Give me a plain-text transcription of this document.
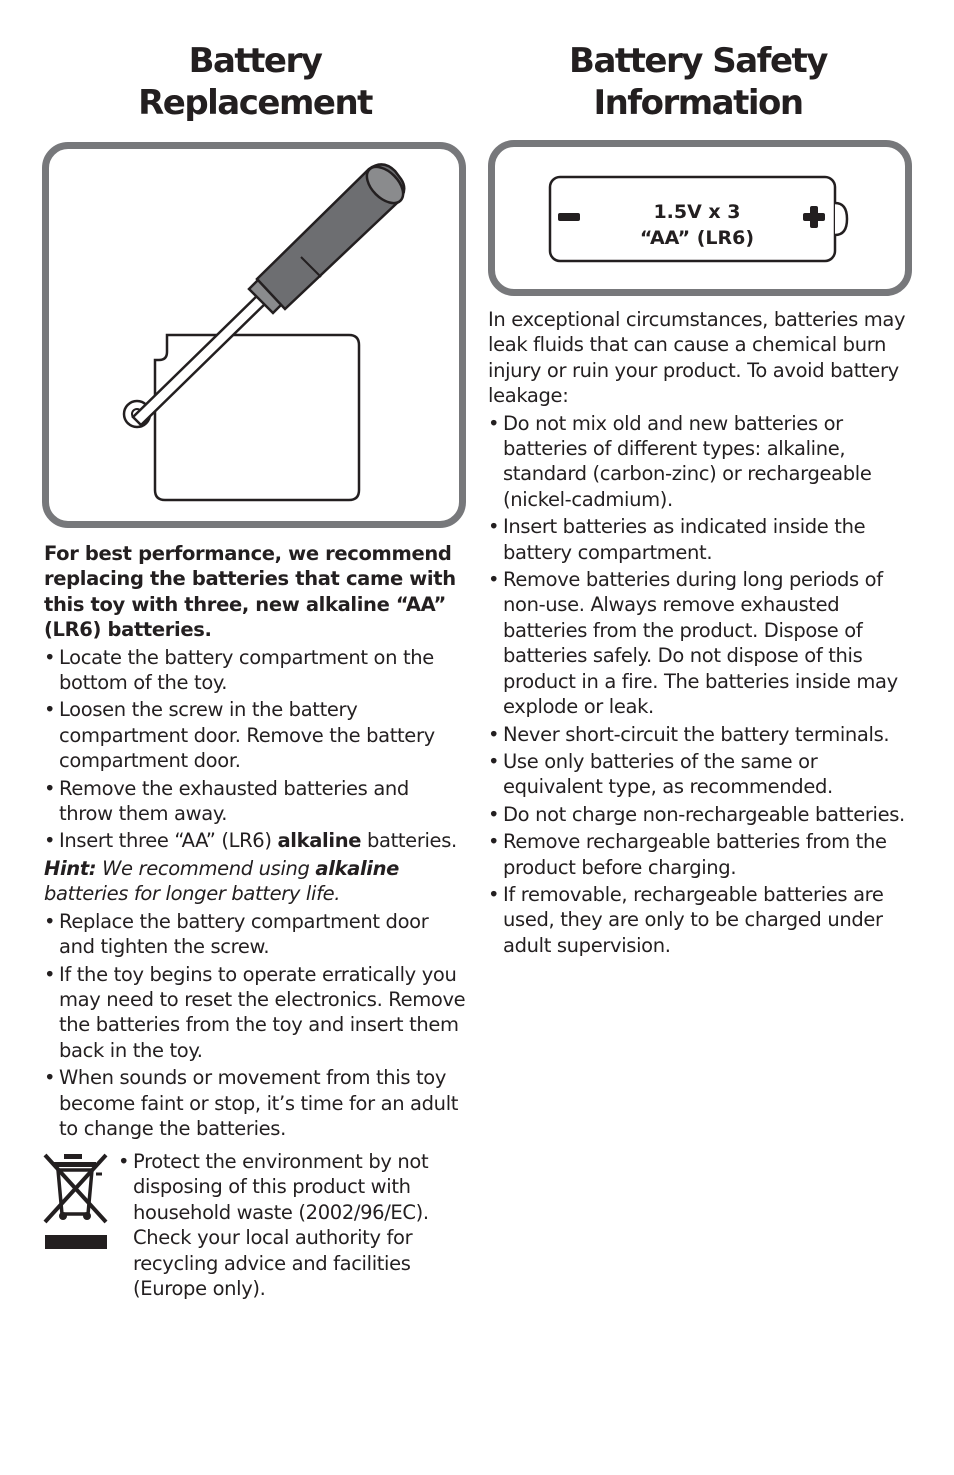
Battery
Replacement
Battery Safety
Information
1.5V x 3
“AA” (LR6)

For best performance, we recommend replacing the batteries that came with this toy with three, new alkaline “AA” (LR6) batteries.

• Locate the battery compartment on the bottom of the toy.
• Loosen the screw in the battery compartment door. Remove the battery compartment door.
• Remove the exhausted batteries and throw them away.
• Insert three “AA” (LR6) alkaline batteries.

Hint: We recommend using alkaline batteries for longer battery life.

• Replace the battery compartment door and tighten the screw.
• If the toy begins to operate erratically you may need to reset the electronics. Remove the batteries from the toy and insert them back in the toy.
• When sounds or movement from this toy become faint or stop, it’s time for an adult to change the batteries.
• Protect the environment by not disposing of this product with household waste (2002/96/EC). Check your local authority for recycling advice and facilities (Europe only).

In exceptional circumstances, batteries may leak fluids that can cause a chemical burn injury or ruin your product. To avoid battery leakage:

• Do not mix old and new batteries or batteries of different types: alkaline, standard (carbon-zinc) or rechargeable (nickel-cadmium).
• Insert batteries as indicated inside the battery compartment.
• Remove batteries during long periods of non-use. Always remove exhausted batteries from the product. Dispose of batteries safely. Do not dispose of this product in a fire. The batteries inside may explode or leak.
• Never short-circuit the battery terminals.
• Use only batteries of the same or equivalent type, as recommended.
• Do not charge non-rechargeable batteries.
• Remove rechargeable batteries from the product before charging.
• If removable, rechargeable batteries are used, they are only to be charged under adult supervision.
